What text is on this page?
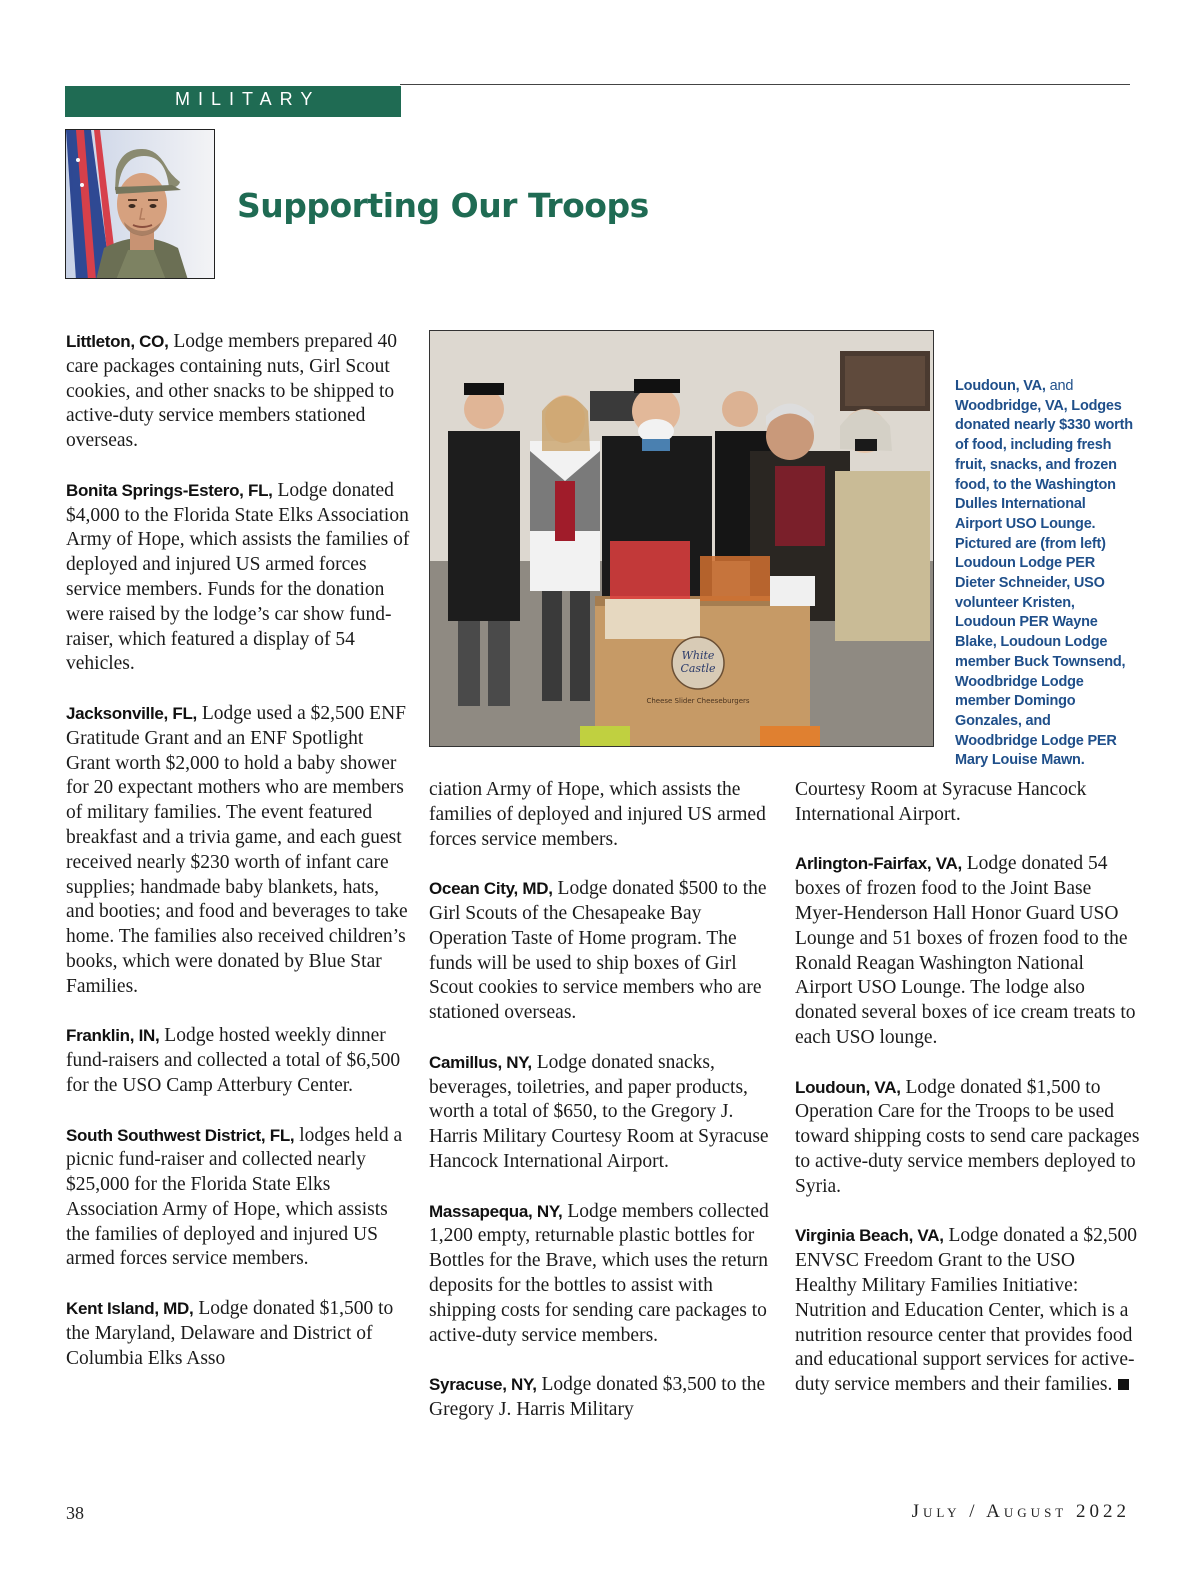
MILITARY
Supporting Our Troops

Littleton, CO, Lodge members prepared 40 care packages containing nuts, Girl Scout cookies, and other snacks to be shipped to active-duty service members stationed overseas.

Bonita Springs-Estero, FL, Lodge donated $4,000 to the Florida State Elks Association Army of Hope, which assists the families of deployed and injured US armed forces service members. Funds for the donation were raised by the lodge’s car show fund-raiser, which featured a display of 54 vehicles.

Jacksonville, FL, Lodge used a $2,500 ENF Gratitude Grant and an ENF Spotlight Grant worth $2,000 to hold a baby shower for 20 expectant mothers who are members of military families. The event featured breakfast and a trivia game, and each guest received nearly $230 worth of infant care supplies; handmade baby blankets, hats, and booties; and food and beverages to take home. The families also received children’s books, which were donated by Blue Star Families.

Franklin, IN, Lodge hosted weekly dinner fund-raisers and collected a total of $6,500 for the USO Camp Atterbury Center.

South Southwest District, FL, lodges held a picnic fund-raiser and collected nearly $25,000 for the Florida State Elks Association Army of Hope, which assists the families of deployed and injured US armed forces service members.

Kent Island, MD, Lodge donated $1,500 to the Maryland, Delaware and District of Columbia Elks Asso

White
Castle
Cheese Slider Cheeseburgers
Loudoun, VA, and Woodbridge, VA, Lodges donated nearly $330 worth of food, including fresh fruit, snacks, and frozen food, to the Washington Dulles International Airport USO Lounge. Pictured are (from left) Loudoun Lodge PER Dieter Schneider, USO volunteer Kristen, Loudoun PER Wayne Blake, Loudoun Lodge member Buck Townsend, Woodbridge Lodge member Domingo Gonzales, and Woodbridge Lodge PER Mary Louise Mawn.

ciation Army of Hope, which assists the families of deployed and injured US armed forces service members.

Ocean City, MD, Lodge donated $500 to the Girl Scouts of the Chesapeake Bay Operation Taste of Home program. The funds will be used to ship boxes of Girl Scout cookies to service members who are stationed overseas.

Camillus, NY, Lodge donated snacks, beverages, toiletries, and paper products, worth a total of $650, to the Gregory J. Harris Military Courtesy Room at Syracuse Hancock International Airport.

Massapequa, NY, Lodge members collected 1,200 empty, returnable plastic bottles for Bottles for the Brave, which uses the return deposits for the bottles to assist with shipping costs for sending care packages to active-duty service members.

Syracuse, NY, Lodge donated $3,500 to the Gregory J. Harris Military

Courtesy Room at Syracuse Hancock International Airport.

Arlington-Fairfax, VA, Lodge donated 54 boxes of frozen food to the Joint Base Myer-Henderson Hall Honor Guard USO Lounge and 51 boxes of frozen food to the Ronald Reagan Washington National Airport USO Lounge. The lodge also donated several boxes of ice cream treats to each USO lounge.

Loudoun, VA, Lodge donated $1,500 to Operation Care for the Troops to be used toward shipping costs to send care packages to active-duty service members deployed to Syria.

Virginia Beach, VA, Lodge donated a $2,500 ENVSC Freedom Grant to the USO Healthy Military Families Initiative: Nutrition and Education Center, which is a nutrition resource center that provides food and educational support services for active-duty service members and their families.

38	July / August 2022
